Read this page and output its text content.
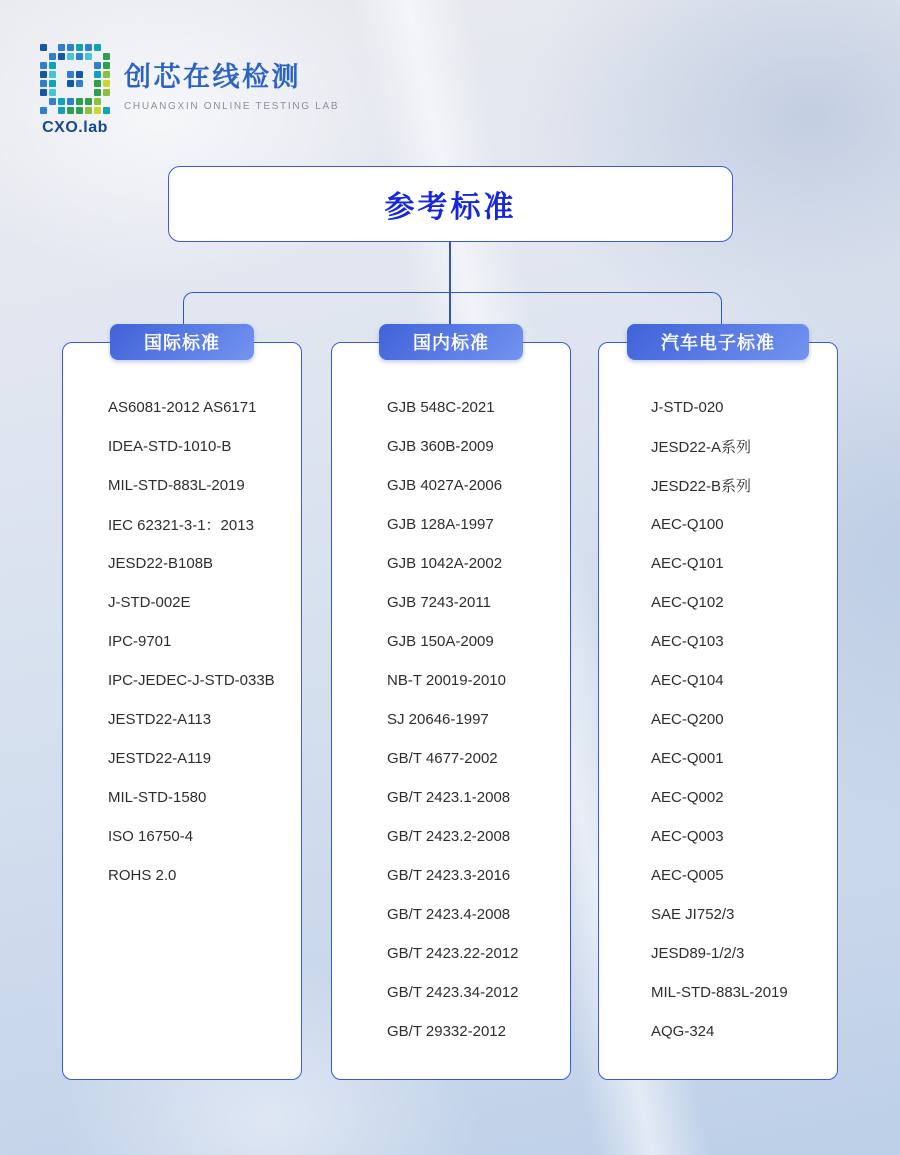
CXO.lab
创芯在线检测
CHUANGXIN ONLINE TESTING LAB
参考标准
国际标准
AS6081-2012 AS6171
IDEA-STD-1010-B
MIL-STD-883L-2019
IEC 62321-3-1：2013
JESD22-B108B
J-STD-002E
IPC-9701
IPC-JEDEC-J-STD-033B
JESTD22-A113
JESTD22-A119
MIL-STD-1580
ISO 16750-4
ROHS 2.0
国内标准
GJB 548C-2021
GJB 360B-2009
GJB 4027A-2006
GJB 128A-1997
GJB 1042A-2002
GJB 7243-2011
GJB 150A-2009
NB-T 20019-2010
SJ 20646-1997
GB/T 4677-2002
GB/T 2423.1-2008
GB/T 2423.2-2008
GB/T 2423.3-2016
GB/T 2423.4-2008
GB/T 2423.22-2012
GB/T 2423.34-2012
GB/T 29332-2012
汽车电子标准
J-STD-020
JESD22-A系列
JESD22-B系列
AEC-Q100
AEC-Q101
AEC-Q102
AEC-Q103
AEC-Q104
AEC-Q200
AEC-Q001
AEC-Q002
AEC-Q003
AEC-Q005
SAE JI752/3
JESD89-1/2/3
MIL-STD-883L-2019
AQG-324
